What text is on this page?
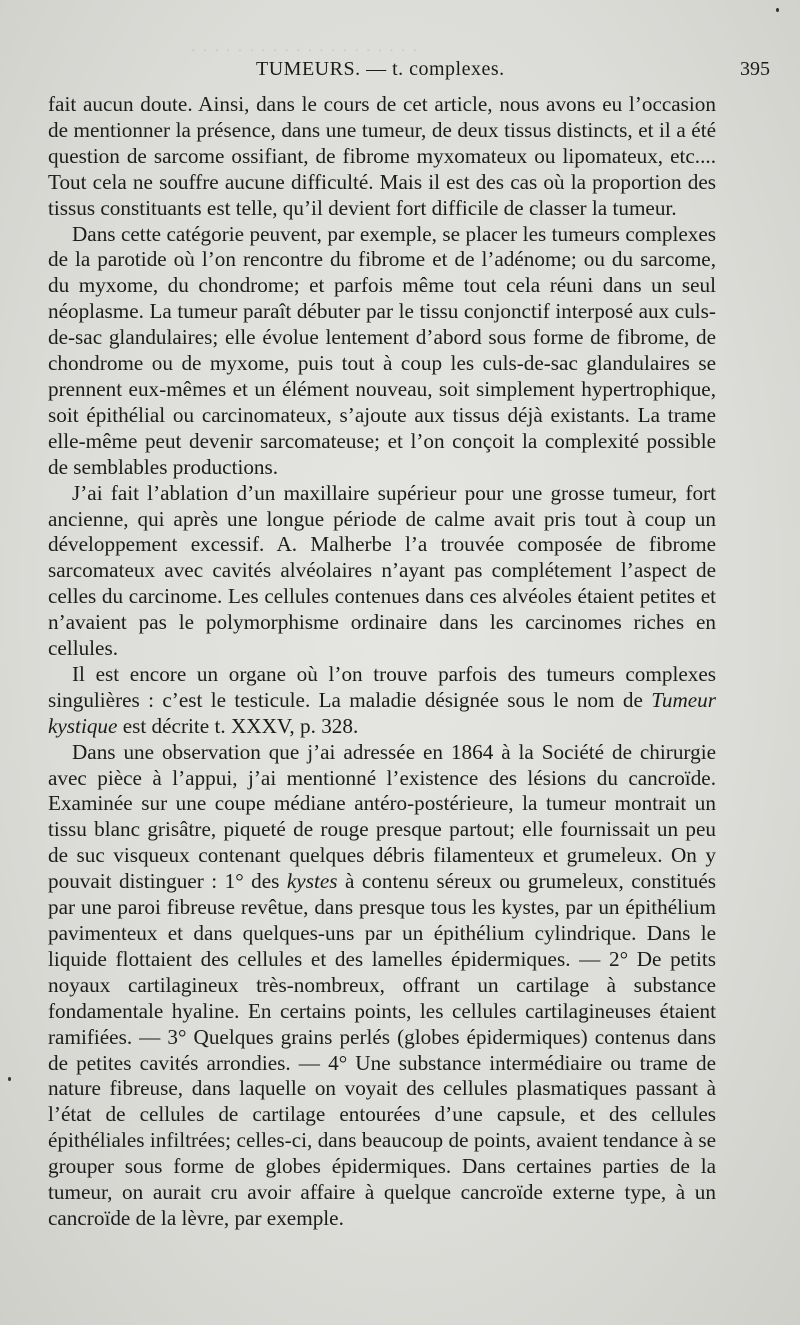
· · · · · · · · · · · · · · · · · · · ·
TUMEURS. — t. complexes.	395

fait aucun doute. Ainsi, dans le cours de cet article, nous avons eu l’occasion de mentionner la présence, dans une tumeur, de deux tissus distincts, et il a été question de sarcome ossifiant, de fibrome myxomateux ou lipomateux, etc.... Tout cela ne souffre aucune difficulté. Mais il est des cas où la proportion des tissus constituants est telle, qu’il devient fort difficile de classer la tumeur.

Dans cette catégorie peuvent, par exemple, se placer les tumeurs complexes de la parotide où l’on rencontre du fibrome et de l’adénome; ou du sarcome, du myxome, du chondrome; et parfois même tout cela réuni dans un seul néoplasme. La tumeur paraît débuter par le tissu conjonctif interposé aux culs-de-sac glandulaires; elle évolue lentement d’abord sous forme de fibrome, de chondrome ou de myxome, puis tout à coup les culs-de-sac glandulaires se prennent eux-mêmes et un élément nouveau, soit simplement hypertrophique, soit épithélial ou carcinomateux, s’ajoute aux tissus déjà existants. La trame elle-même peut devenir sarcomateuse; et l’on conçoit la complexité possible de semblables productions.

J’ai fait l’ablation d’un maxillaire supérieur pour une grosse tumeur, fort ancienne, qui après une longue période de calme avait pris tout à coup un développement excessif. A. Malherbe l’a trouvée composée de fibrome sarcomateux avec cavités alvéolaires n’ayant pas complétement l’aspect de celles du carcinome. Les cellules contenues dans ces alvéoles étaient petites et n’avaient pas le polymorphisme ordinaire dans les carcinomes riches en cellules.

Il est encore un organe où l’on trouve parfois des tumeurs complexes singulières : c’est le testicule. La maladie désignée sous le nom de Tumeur kystique est décrite t. XXXV, p. 328.

Dans une observation que j’ai adressée en 1864 à la Société de chirurgie avec pièce à l’appui, j’ai mentionné l’existence des lésions du cancroïde. Examinée sur une coupe médiane antéro-postérieure, la tumeur montrait un tissu blanc grisâtre, piqueté de rouge presque partout; elle fournissait un peu de suc visqueux contenant quelques débris filamenteux et grumeleux. On y pouvait distinguer : 1° des kystes à contenu séreux ou grumeleux, constitués par une paroi fibreuse revêtue, dans presque tous les kystes, par un épithélium pavimenteux et dans quelques-uns par un épithélium cylindrique. Dans le liquide flottaient des cellules et des lamelles épidermiques. — 2° De petits noyaux cartilagineux très-nombreux, offrant un cartilage à substance fondamentale hyaline. En certains points, les cellules cartilagineuses étaient ramifiées. — 3° Quelques grains perlés (globes épidermiques) contenus dans de petites cavités arrondies. — 4° Une substance intermédiaire ou trame de nature fibreuse, dans laquelle on voyait des cellules plasmatiques passant à l’état de cellules de cartilage entourées d’une capsule, et des cellules épithéliales infiltrées; celles-ci, dans beaucoup de points, avaient tendance à se grouper sous forme de globes épidermiques. Dans certaines parties de la tumeur, on aurait cru avoir affaire à quelque cancroïde externe type, à un cancroïde de la lèvre, par exemple.
